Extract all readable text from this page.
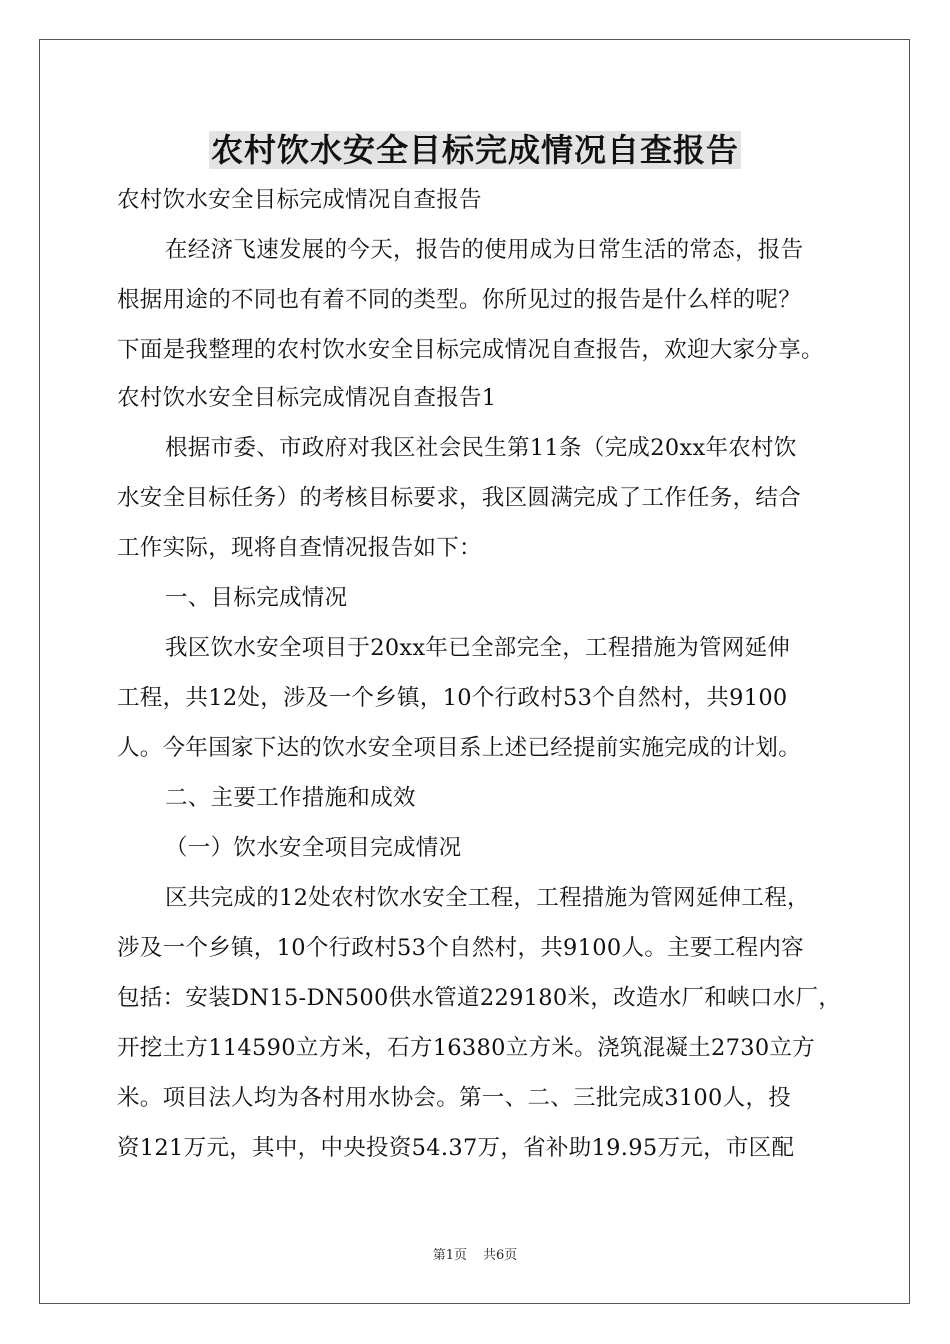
农村饮水安全目标完成情况自查报告
农村饮水安全目标完成情况自查报告
在经济飞速发展的今天，报告的使用成为日常生活的常态，报告
根据用途的不同也有着不同的类型。你所见过的报告是什么样的呢？
下面是我整理的农村饮水安全目标完成情况自查报告，欢迎大家分享。
农村饮水安全目标完成情况自查报告1
根据市委、市政府对我区社会民生第11条（完成20xx年农村饮
水安全目标任务）的考核目标要求，我区圆满完成了工作任务，结合
工作实际，现将自查情况报告如下：
一、目标完成情况
我区饮水安全项目于20xx年已全部完全，工程措施为管网延伸
工程，共12处，涉及一个乡镇，10个行政村53个自然村，共9100
人。今年国家下达的饮水安全项目系上述已经提前实施完成的计划。
二、主要工作措施和成效
（一）饮水安全项目完成情况
区共完成的12处农村饮水安全工程，工程措施为管网延伸工程，
涉及一个乡镇，10个行政村53个自然村，共9100人。主要工程内容
包括：安装DN15-DN500供水管道229180米，改造水厂和峡口水厂，
开挖土方114590立方米，石方16380立方米。浇筑混凝土2730立方
米。项目法人均为各村用水协会。第一、二、三批完成3100人，投
资121万元，其中，中央投资54.37万，省补助19.95万元，市区配
第1页 共6页
